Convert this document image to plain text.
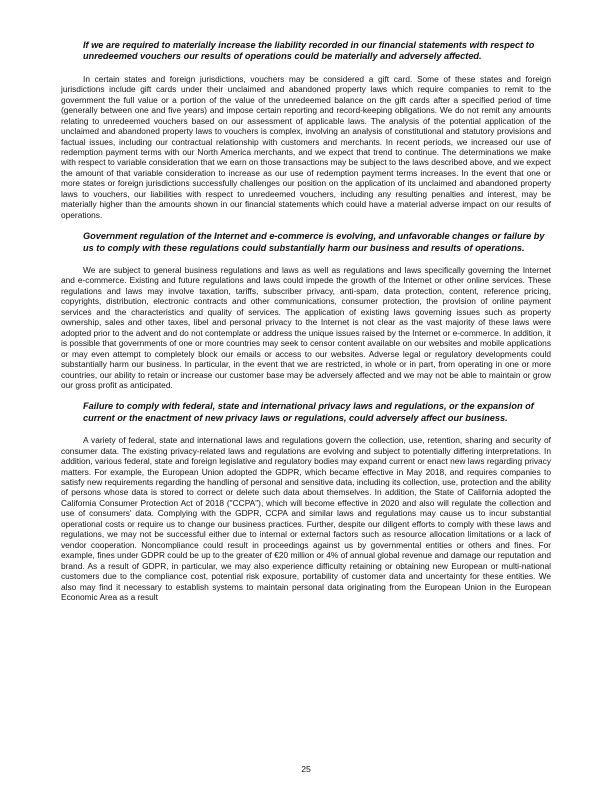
If we are required to materially increase the liability recorded in our financial statements with respect to unredeemed vouchers our results of operations could be materially and adversely affected.

In certain states and foreign jurisdictions, vouchers may be considered a gift card. Some of these states and foreign jurisdictions include gift cards under their unclaimed and abandoned property laws which require companies to remit to the government the full value or a portion of the value of the unredeemed balance on the gift cards after a specified period of time (generally between one and five years) and impose certain reporting and record-keeping obligations. We do not remit any amounts relating to unredeemed vouchers based on our assessment of applicable laws. The analysis of the potential application of the unclaimed and abandoned property laws to vouchers is complex, involving an analysis of constitutional and statutory provisions and factual issues, including our contractual relationship with customers and merchants. In recent periods, we increased our use of redemption payment terms with our North America merchants, and we expect that trend to continue. The determinations we make with respect to variable consideration that we earn on those transactions may be subject to the laws described above, and we expect the amount of that variable consideration to increase as our use of redemption payment terms increases. In the event that one or more states or foreign jurisdictions successfully challenges our position on the application of its unclaimed and abandoned property laws to vouchers, our liabilities with respect to unredeemed vouchers, including any resulting penalties and interest, may be materially higher than the amounts shown in our financial statements which could have a material adverse impact on our results of operations.

Government regulation of the Internet and e-commerce is evolving, and unfavorable changes or failure by us to comply with these regulations could substantially harm our business and results of operations.

We are subject to general business regulations and laws as well as regulations and laws specifically governing the Internet and e-commerce. Existing and future regulations and laws could impede the growth of the Internet or other online services. These regulations and laws may involve taxation, tariffs, subscriber privacy, anti-spam, data protection, content, reference pricing, copyrights, distribution, electronic contracts and other communications, consumer protection, the provision of online payment services and the characteristics and quality of services. The application of existing laws governing issues such as property ownership, sales and other taxes, libel and personal privacy to the Internet is not clear as the vast majority of these laws were adopted prior to the advent and do not contemplate or address the unique issues raised by the Internet or e-commerce. In addition, it is possible that governments of one or more countries may seek to censor content available on our websites and mobile applications or may even attempt to completely block our emails or access to our websites. Adverse legal or regulatory developments could substantially harm our business. In particular, in the event that we are restricted, in whole or in part, from operating in one or more countries, our ability to retain or increase our customer base may be adversely affected and we may not be able to maintain or grow our gross profit as anticipated.

Failure to comply with federal, state and international privacy laws and regulations, or the expansion of current or the enactment of new privacy laws or regulations, could adversely affect our business.

A variety of federal, state and international laws and regulations govern the collection, use, retention, sharing and security of consumer data. The existing privacy-related laws and regulations are evolving and subject to potentially differing interpretations. In addition, various federal, state and foreign legislative and regulatory bodies may expand current or enact new laws regarding privacy matters. For example, the European Union adopted the GDPR, which became effective in May 2018, and requires companies to satisfy new requirements regarding the handling of personal and sensitive data, including its collection, use, protection and the ability of persons whose data is stored to correct or delete such data about themselves. In addition, the State of California adopted the California Consumer Protection Act of 2018 ("CCPA"), which will become effective in 2020 and also will regulate the collection and use of consumers' data. Complying with the GDPR, CCPA and similar laws and regulations may cause us to incur substantial operational costs or require us to change our business practices. Further, despite our diligent efforts to comply with these laws and regulations, we may not be successful either due to internal or external factors such as resource allocation limitations or a lack of vendor cooperation. Noncompliance could result in proceedings against us by governmental entities or others and fines. For example, fines under GDPR could be up to the greater of €20 million or 4% of annual global revenue and damage our reputation and brand. As a result of GDPR, in particular, we may also experience difficulty retaining or obtaining new European or multi-national customers due to the compliance cost, potential risk exposure, portability of customer data and uncertainty for these entities. We also may find it necessary to establish systems to maintain personal data originating from the European Union in the European Economic Area as a result

25
